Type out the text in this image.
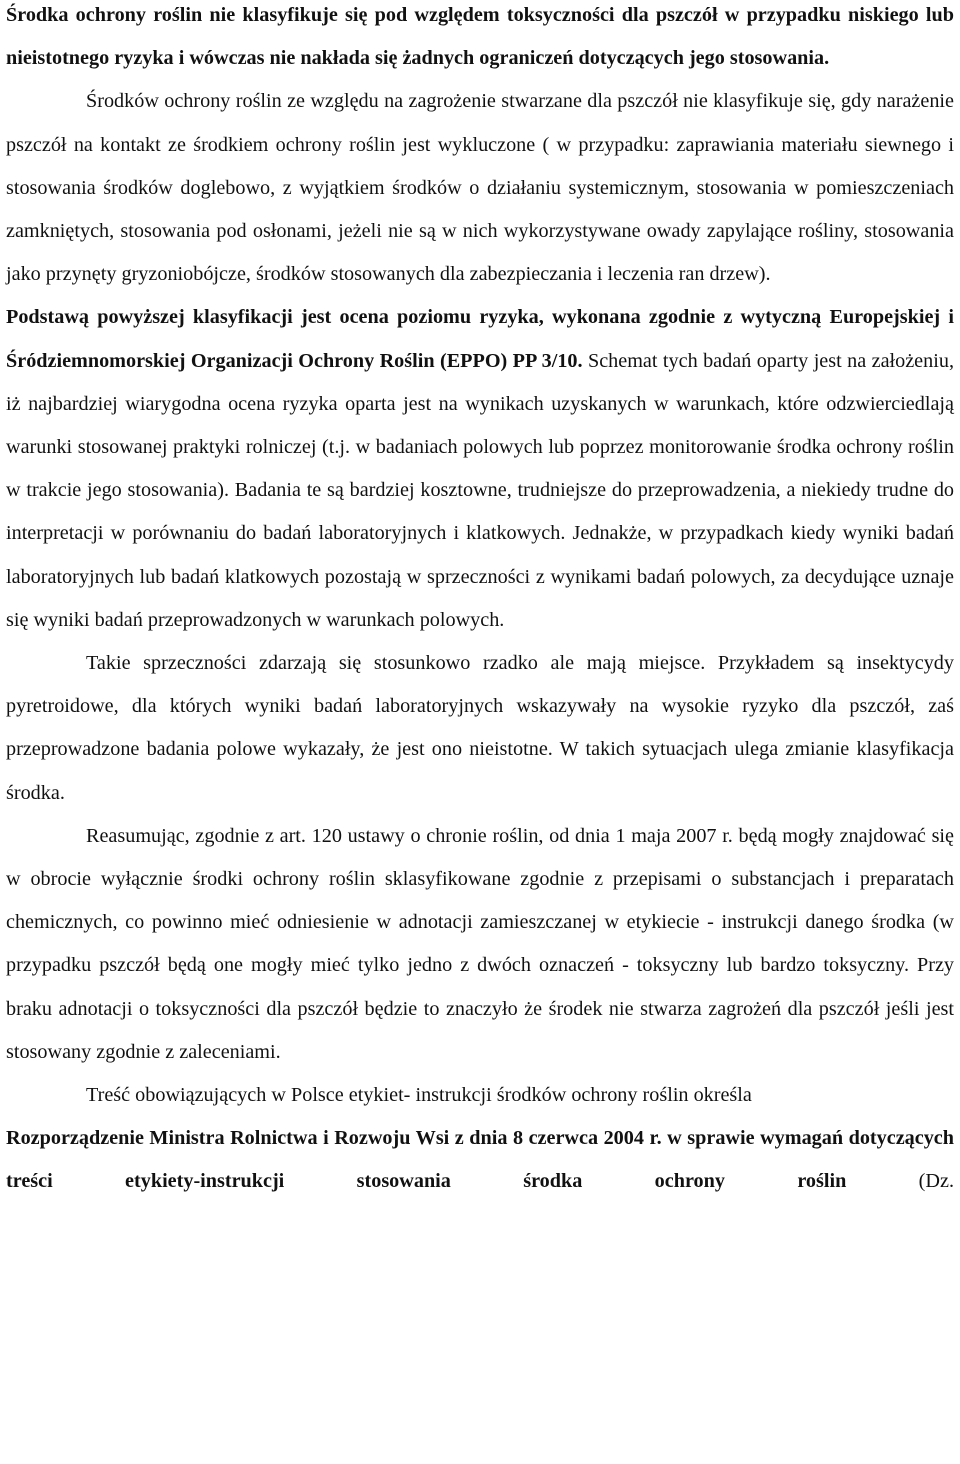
Środka ochrony roślin nie klasyfikuje się pod względem toksyczności dla pszczół w przypadku niskiego lub nieistotnego ryzyka i wówczas nie nakłada się żadnych ograniczeń dotyczących jego stosowania.

Środków ochrony roślin ze względu na zagrożenie stwarzane dla pszczół nie klasyfikuje się, gdy narażenie pszczół na kontakt ze środkiem ochrony roślin jest wykluczone ( w przypadku: zaprawiania materiału siewnego i stosowania środków doglebowo, z wyjątkiem środków o działaniu systemicznym, stosowania w pomieszczeniach zamkniętych, stosowania pod osłonami, jeżeli nie są w nich wykorzystywane owady zapylające rośliny, stosowania jako przynęty gryzoniobójcze, środków stosowanych dla zabezpieczania i leczenia ran drzew).

Podstawą powyższej klasyfikacji jest ocena poziomu ryzyka, wykonana zgodnie z wytyczną Europejskiej i Śródziemnomorskiej Organizacji Ochrony Roślin (EPPO) PP 3/10. Schemat tych badań oparty jest na założeniu, iż najbardziej wiarygodna ocena ryzyka oparta jest na wynikach uzyskanych w warunkach, które odzwierciedlają warunki stosowanej praktyki rolniczej (t.j. w badaniach polowych lub poprzez monitorowanie środka ochrony roślin w trakcie jego stosowania). Badania te są bardziej kosztowne, trudniejsze do przeprowadzenia, a niekiedy trudne do interpretacji w porównaniu do badań laboratoryjnych i klatkowych. Jednakże, w przypadkach kiedy wyniki badań laboratoryjnych lub badań klatkowych pozostają w sprzeczności z wynikami badań polowych, za decydujące uznaje się wyniki badań przeprowadzonych w warunkach polowych.

Takie sprzeczności zdarzają się stosunkowo rzadko ale mają miejsce. Przykładem są insektycydy pyretroidowe, dla których wyniki badań laboratoryjnych wskazywały na wysokie ryzyko dla pszczół, zaś przeprowadzone badania polowe wykazały, że jest ono nieistotne. W takich sytuacjach ulega zmianie klasyfikacja środka.

Reasumując, zgodnie z art. 120 ustawy o chronie roślin, od dnia 1 maja 2007 r. będą mogły znajdować się w obrocie wyłącznie środki ochrony roślin sklasyfikowane zgodnie z przepisami o substancjach i preparatach chemicznych, co powinno mieć odniesienie w adnotacji zamieszczanej w etykiecie - instrukcji danego środka (w przypadku pszczół będą one mogły mieć tylko jedno z dwóch oznaczeń - toksyczny lub bardzo toksyczny. Przy braku adnotacji o toksyczności dla pszczół będzie to znaczyło że środek nie stwarza zagrożeń dla pszczół jeśli jest stosowany zgodnie z zaleceniami.

Treść obowiązujących w Polsce etykiet- instrukcji środków ochrony roślin określa

Rozporządzenie Ministra Rolnictwa i Rozwoju Wsi z dnia 8 czerwca 2004 r. w sprawie wymagań dotyczących treści etykiety-instrukcji stosowania środka ochrony roślin (Dz.
